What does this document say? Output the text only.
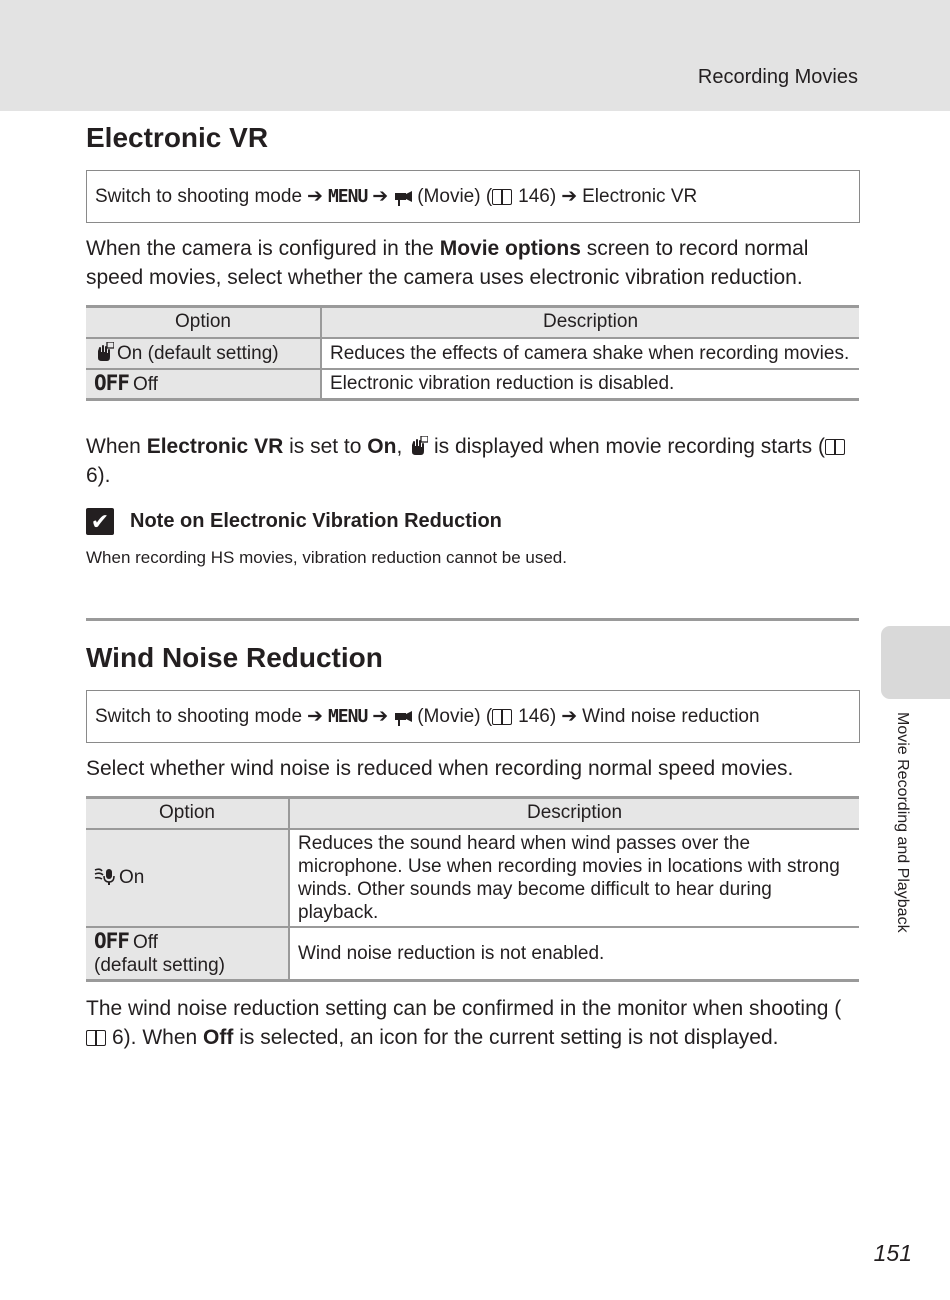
Recording Movies
Movie Recording and Playback
Electronic VR
Switch to shooting mode ➔ MENU ➔ (Movie) ( 146) ➔ Electronic VR
When the camera is configured in the Movie options screen to record normal speed movies, select whether the camera uses electronic vibration reduction.
Option	Description
On (default setting)	Reduces the effects of camera shake when recording movies.
OFF Off	Electronic vibration reduction is disabled.
When Electronic VR is set to On,  is displayed when movie recording starts (6).
✔ Note on Electronic Vibration Reduction
When recording HS movies, vibration reduction cannot be used.
Wind Noise Reduction
Switch to shooting mode ➔ MENU ➔ (Movie) ( 146) ➔ Wind noise reduction
Select whether wind noise is reduced when recording normal speed movies.
Option	Description
On	Reduces the sound heard when wind passes over the microphone. Use when recording movies in locations with strong winds. Other sounds may become difficult to hear during playback.
OFF Off
(default setting)	Wind noise reduction is not enabled.
The wind noise reduction setting can be confirmed in the monitor when shooting (6). When Off is selected, an icon for the current setting is not displayed.
151
